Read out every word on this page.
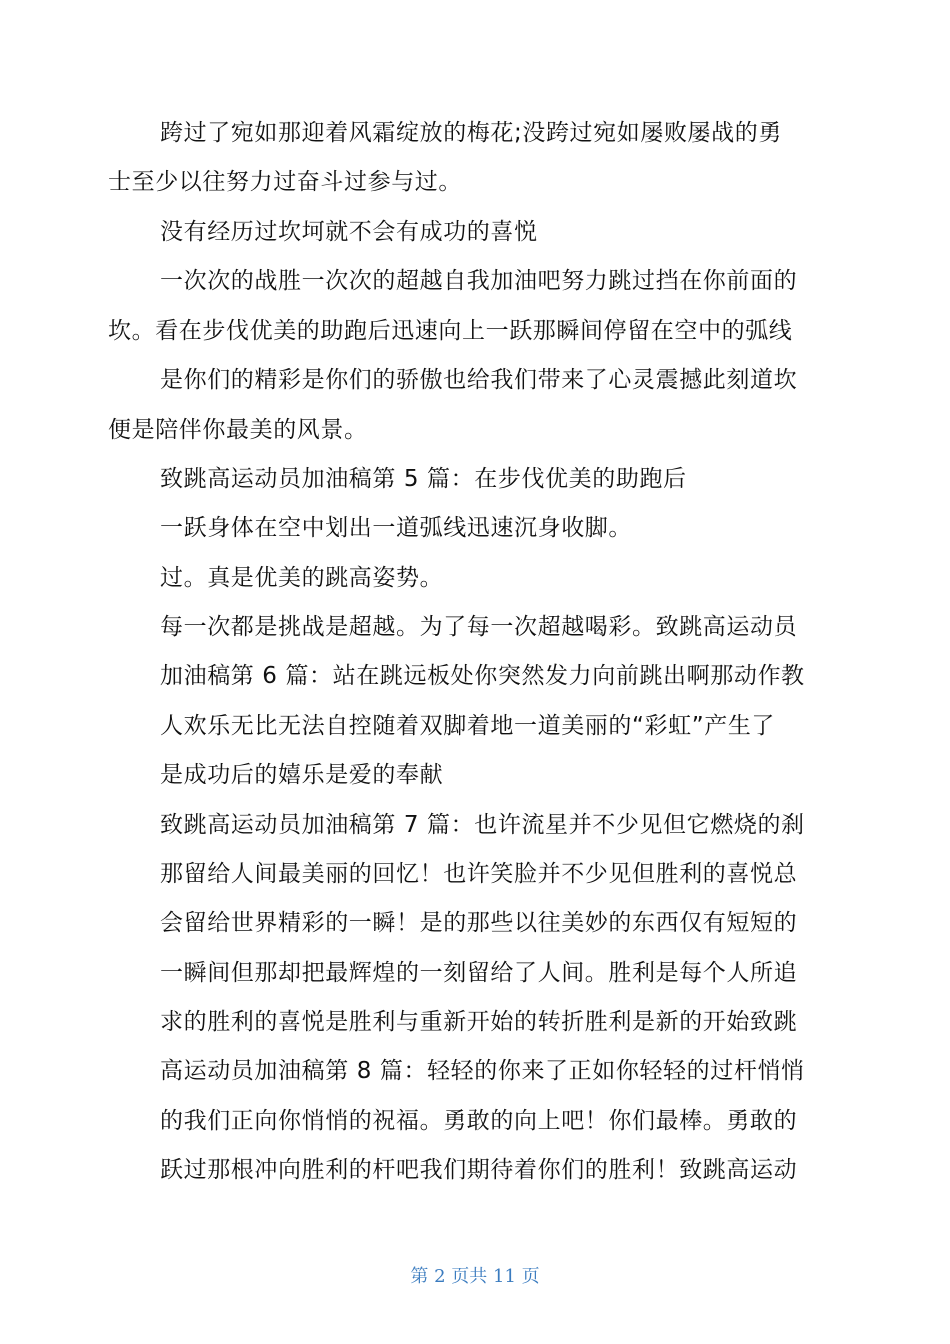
跨过了宛如那迎着风霜绽放的梅花;没跨过宛如屡败屡战的勇
士至少以往努力过奋斗过参与过。
没有经历过坎坷就不会有成功的喜悦
一次次的战胜一次次的超越自我加油吧努力跳过挡在你前面的
坎。看在步伐优美的助跑后迅速向上一跃那瞬间停留在空中的弧线
是你们的精彩是你们的骄傲也给我们带来了心灵震撼此刻道坎
便是陪伴你最美的风景。
致跳高运动员加油稿第 5 篇：在步伐优美的助跑后
一跃身体在空中划出一道弧线迅速沉身收脚。
过。真是优美的跳高姿势。
每一次都是挑战是超越。为了每一次超越喝彩。致跳高运动员
加油稿第 6 篇：站在跳远板处你突然发力向前跳出啊那动作教
人欢乐无比无法自控随着双脚着地一道美丽的“彩虹”产生了
是成功后的嬉乐是爱的奉献
致跳高运动员加油稿第 7 篇：也许流星并不少见但它燃烧的刹
那留给人间最美丽的回忆！也许笑脸并不少见但胜利的喜悦总
会留给世界精彩的一瞬！是的那些以往美妙的东西仅有短短的
一瞬间但那却把最辉煌的一刻留给了人间。胜利是每个人所追
求的胜利的喜悦是胜利与重新开始的转折胜利是新的开始致跳
高运动员加油稿第 8 篇：轻轻的你来了正如你轻轻的过杆悄悄
的我们正向你悄悄的祝福。勇敢的向上吧！你们最棒。勇敢的
跃过那根冲向胜利的杆吧我们期待着你们的胜利！致跳高运动
第 2 页共 11 页
